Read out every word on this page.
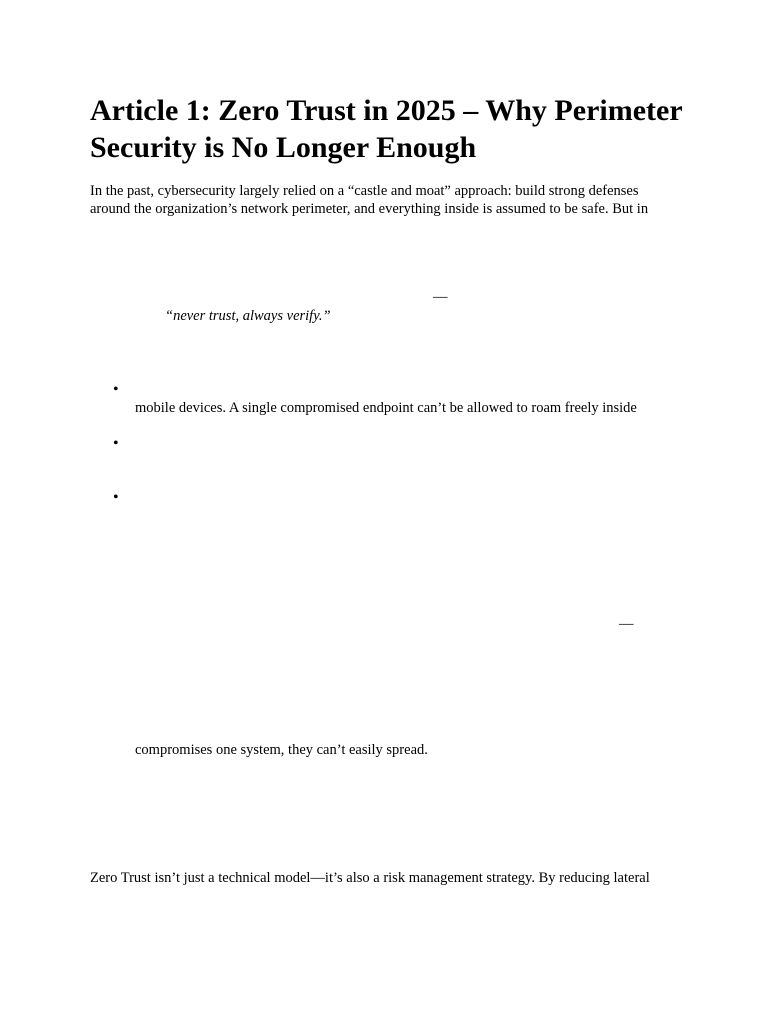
Article 1: Zero Trust in 2025 – Why Perimeter Security is No Longer Enough

In the past, cybersecurity largely relied on a “castle and moat” approach: build strong defenses

around the organization’s network perimeter, and everything inside is assumed to be safe. But in

—

“never trust, always verify.”

•

mobile devices. A single compromised endpoint can’t be allowed to roam freely inside

•
•
—

compromises one system, they can’t easily spread.

Zero Trust isn’t just a technical model—it’s also a risk management strategy. By reducing lateral
